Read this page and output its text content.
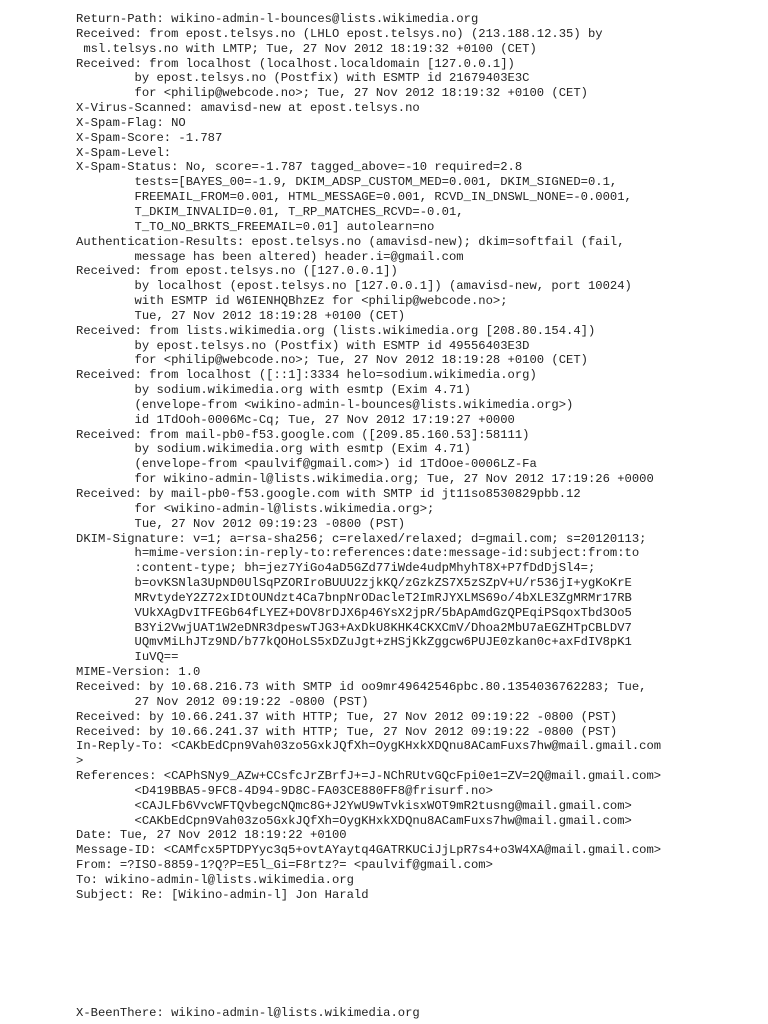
Return-Path: wikino-admin-l-bounces@lists.wikimedia.org
Received: from epost.telsys.no (LHLO epost.telsys.no) (213.188.12.35) by
msl.telsys.no with LMTP; Tue, 27 Nov 2012 18:19:32 +0100 (CET)
Received: from localhost (localhost.localdomain [127.0.0.1])
by epost.telsys.no (Postfix) with ESMTP id 21679403E3C
for <philip@webcode.no>; Tue, 27 Nov 2012 18:19:32 +0100 (CET)
X-Virus-Scanned: amavisd-new at epost.telsys.no
X-Spam-Flag: NO
X-Spam-Score: -1.787
X-Spam-Level:
X-Spam-Status: No, score=-1.787 tagged_above=-10 required=2.8
tests=[BAYES_00=-1.9, DKIM_ADSP_CUSTOM_MED=0.001, DKIM_SIGNED=0.1,
FREEMAIL_FROM=0.001, HTML_MESSAGE=0.001, RCVD_IN_DNSWL_NONE=-0.0001,
T_DKIM_INVALID=0.01, T_RP_MATCHES_RCVD=-0.01,
T_TO_NO_BRKTS_FREEMAIL=0.01] autolearn=no
Authentication-Results: epost.telsys.no (amavisd-new); dkim=softfail (fail,
message has been altered) header.i=@gmail.com
Received: from epost.telsys.no ([127.0.0.1])
by localhost (epost.telsys.no [127.0.0.1]) (amavisd-new, port 10024)
with ESMTP id W6IENHQBhzEz for <philip@webcode.no>;
Tue, 27 Nov 2012 18:19:28 +0100 (CET)
Received: from lists.wikimedia.org (lists.wikimedia.org [208.80.154.4])
by epost.telsys.no (Postfix) with ESMTP id 49556403E3D
for <philip@webcode.no>; Tue, 27 Nov 2012 18:19:28 +0100 (CET)
Received: from localhost ([::1]:3334 helo=sodium.wikimedia.org)
by sodium.wikimedia.org with esmtp (Exim 4.71)
(envelope-from <wikino-admin-l-bounces@lists.wikimedia.org>)
id 1TdOoh-0006Mc-Cq; Tue, 27 Nov 2012 17:19:27 +0000
Received: from mail-pb0-f53.google.com ([209.85.160.53]:58111)
by sodium.wikimedia.org with esmtp (Exim 4.71)
(envelope-from <paulvif@gmail.com>) id 1TdOoe-0006LZ-Fa
for wikino-admin-l@lists.wikimedia.org; Tue, 27 Nov 2012 17:19:26 +0000
Received: by mail-pb0-f53.google.com with SMTP id jt11so8530829pbb.12
for <wikino-admin-l@lists.wikimedia.org>;
Tue, 27 Nov 2012 09:19:23 -0800 (PST)
DKIM-Signature: v=1; a=rsa-sha256; c=relaxed/relaxed; d=gmail.com; s=20120113;
h=mime-version:in-reply-to:references:date:message-id:subject:from:to
:content-type; bh=jez7YiGo4aD5GZd77iWde4udpMhyhT8X+P7fDdDjSl4=;
b=ovKSNla3UpND0UlSqPZORIroBUUU2zjkKQ/zGzkZS7X5zSZpV+U/r536jI+ygKoKrE
MRvtydeY2Z72xIDtOUNdzt4Ca7bnpNrODacleT2ImRJYXLMS69o/4bXLE3ZgMRMr17RB
VUkXAgDvITFEGb64fLYEZ+DOV8rDJX6p46YsX2jpR/5bApAmdGzQPEqiPSqoxTbd3Oo5
B3Yi2VwjUAT1W2eDNR3dpeswTJG3+AxDkU8KHK4CKXCmV/Dhoa2MbU7aEGZHTpCBLDV7
UQmvMiLhJTz9ND/b77kQOHoLS5xDZuJgt+zHSjKkZggcw6PUJE0zkan0c+axFdIV8pK1
IuVQ==
MIME-Version: 1.0
Received: by 10.68.216.73 with SMTP id oo9mr49642546pbc.80.1354036762283; Tue,
27 Nov 2012 09:19:22 -0800 (PST)
Received: by 10.66.241.37 with HTTP; Tue, 27 Nov 2012 09:19:22 -0800 (PST)
Received: by 10.66.241.37 with HTTP; Tue, 27 Nov 2012 09:19:22 -0800 (PST)
In-Reply-To: <CAKbEdCpn9Vah03zo5GxkJQfXh=OygKHxkXDQnu8ACamFuxs7hw@mail.gmail.com
>
References: <CAPhSNy9_AZw+CCsfcJrZBrfJ+=J-NChRUtvGQcFpi0e1=ZV=2Q@mail.gmail.com>
<D419BBA5-9FC8-4D94-9D8C-FA03CE880FF8@frisurf.no>
<CAJLFb6VvcWFTQvbegcNQmc8G+J2YwU9wTvkisxWOT9mR2tusng@mail.gmail.com>
<CAKbEdCpn9Vah03zo5GxkJQfXh=OygKHxkXDQnu8ACamFuxs7hw@mail.gmail.com>
Date: Tue, 27 Nov 2012 18:19:22 +0100
Message-ID: <CAMfcx5PTDPYyc3q5+ovtAYaytq4GATRKUCiJjLpR7s4+o3W4XA@mail.gmail.com>
From: =?ISO-8859-1?Q?P=E5l_Gi=F8rtz?= <paulvif@gmail.com>
To: wikino-admin-l@lists.wikimedia.org
Subject: Re: [Wikino-admin-l] Jon Harald
X-BeenThere: wikino-admin-l@lists.wikimedia.org
